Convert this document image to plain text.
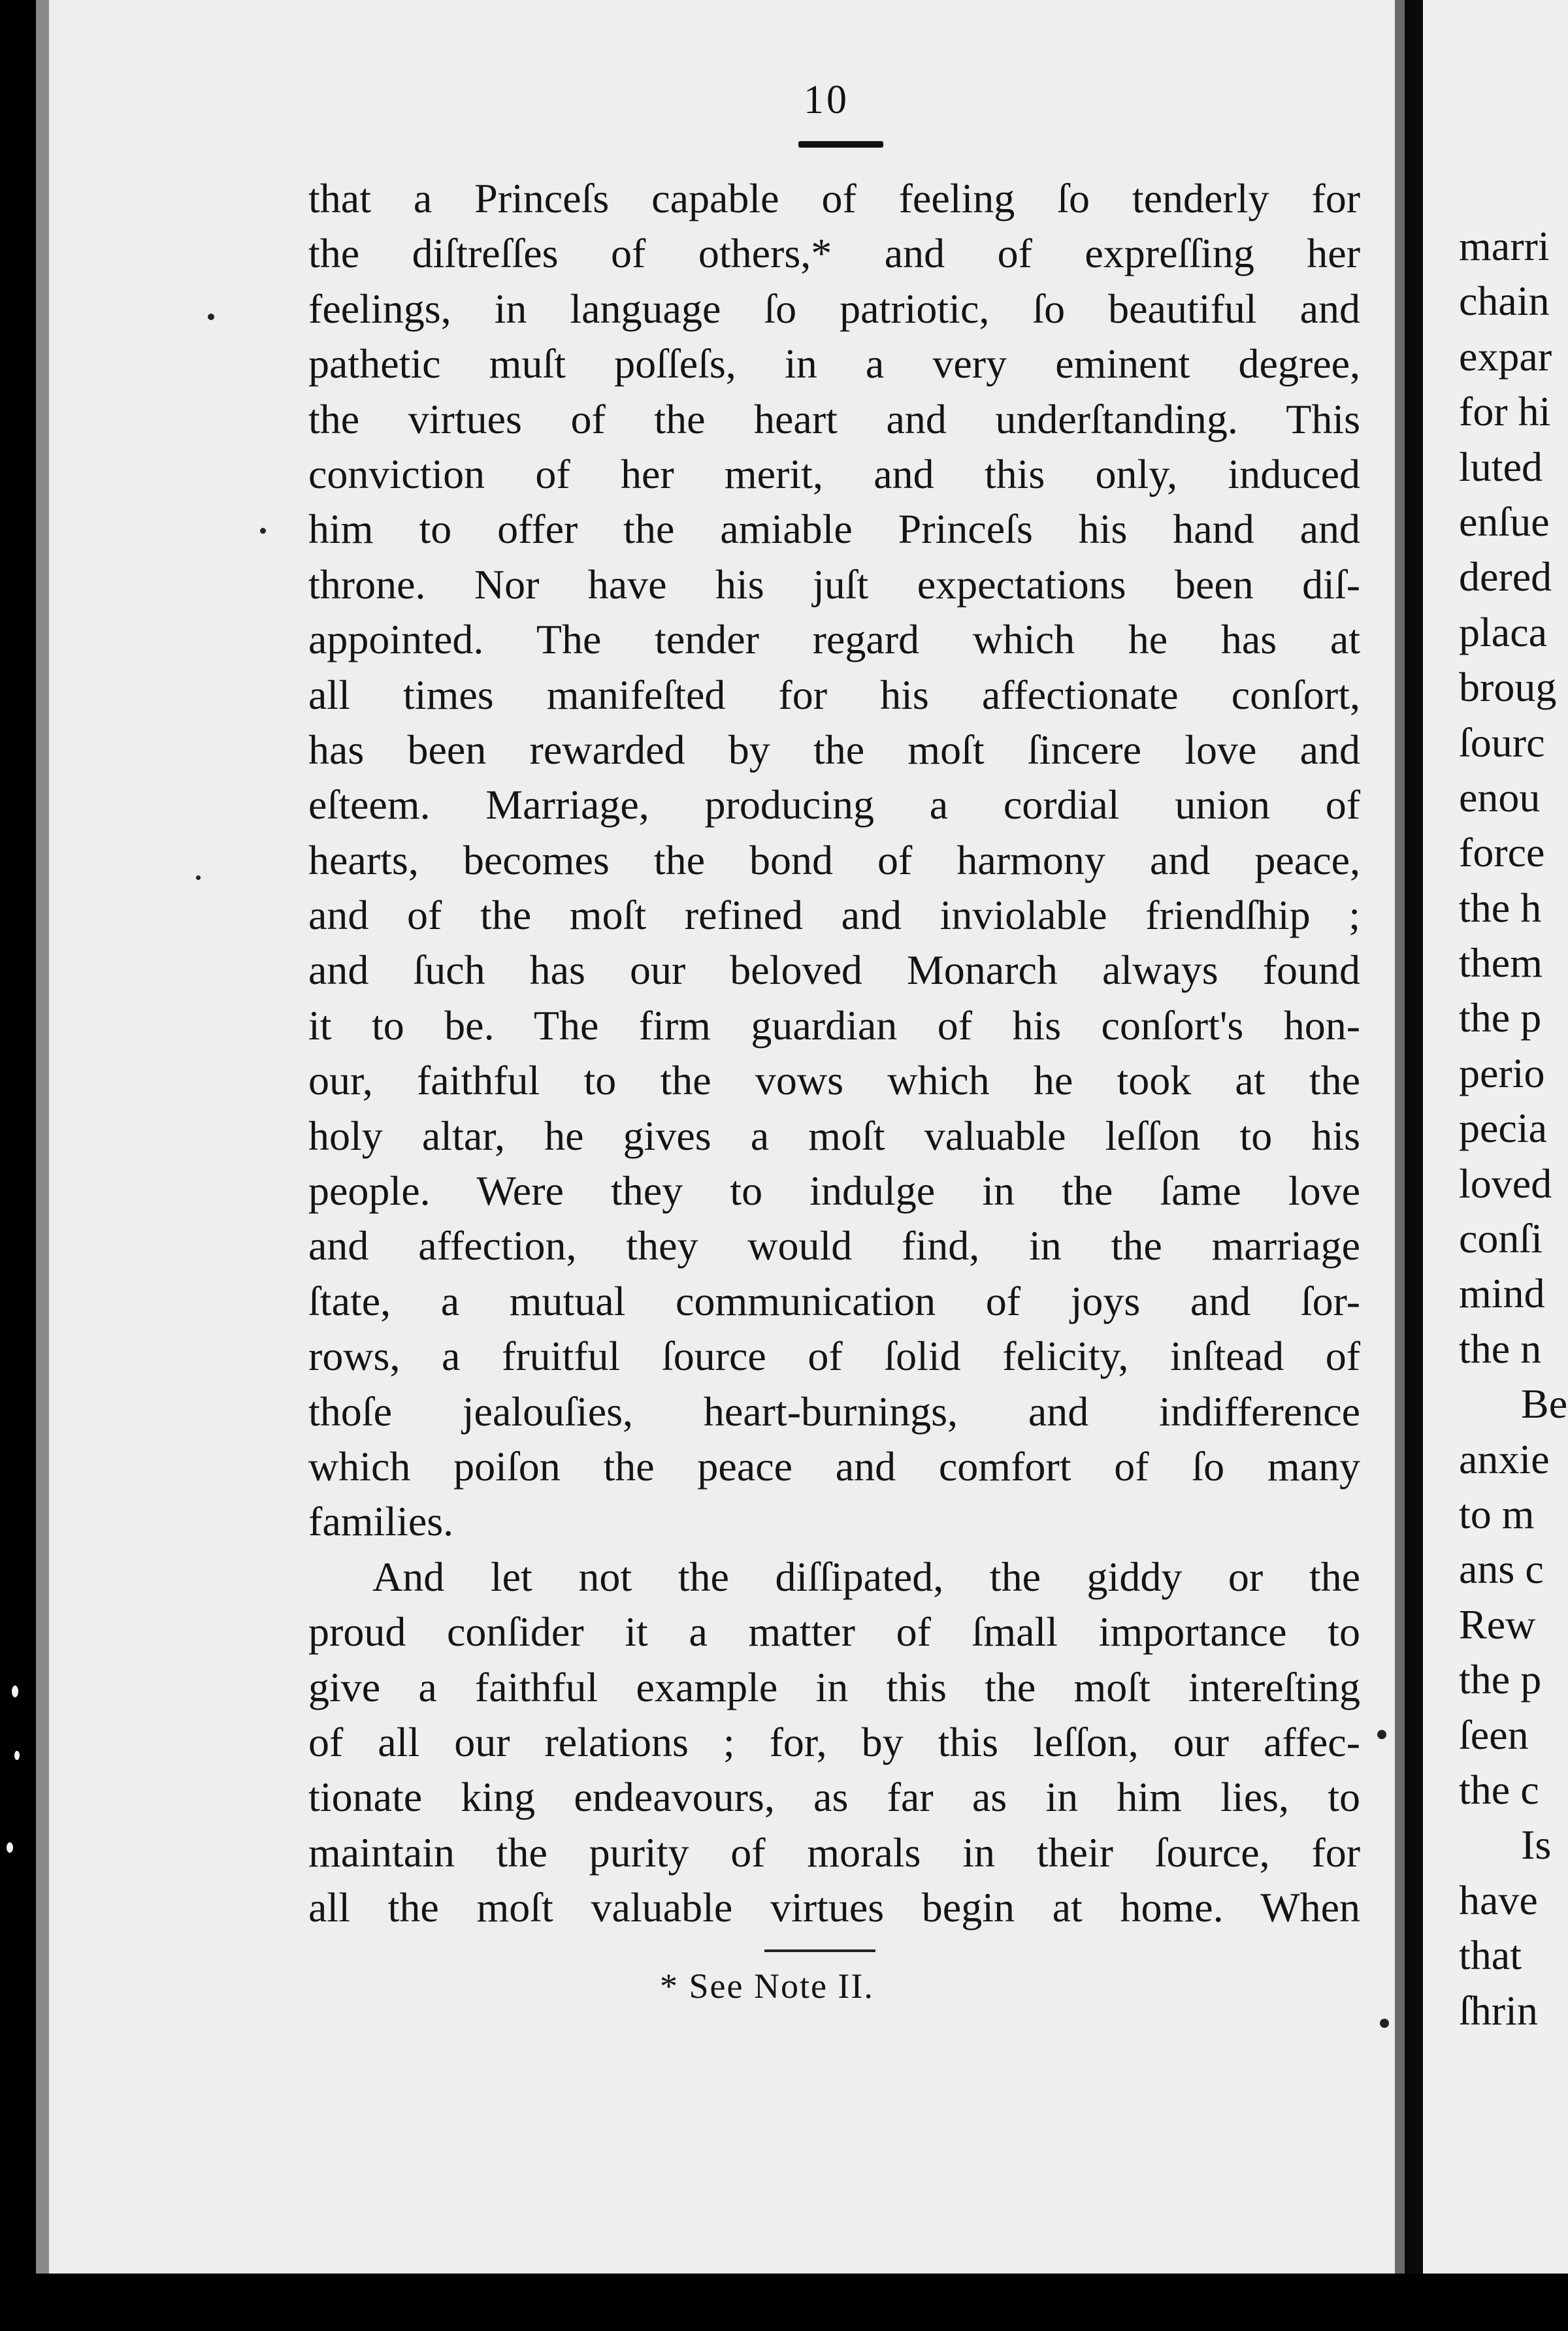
marri
chain
expar
for hi
luted
enſue
dered
placa
broug
ſourc
enou
force
the h
them
the p
perio
pecia
loved
conſi
mind
the n
Be
anxie
to m
ans c
Rew
the p
ſeen
the c
Is
have
that
ſhrin
10
that a Princeſs capable of feeling ſo tenderly for
the diſtreſſes of others,* and of expreſſing her
feelings, in language ſo patriotic, ſo beautiful and
pathetic muſt poſſeſs, in a very eminent degree,
the virtues of the heart and underſtanding. This
conviction of her merit, and this only, induced
him to offer the amiable Princeſs his hand and
throne. Nor have his juſt expectations been diſ-
appointed. The tender regard which he has at
all times manifeſted for his affectionate conſort,
has been rewarded by the moſt ſincere love and
eſteem. Marriage, producing a cordial union of
hearts, becomes the bond of harmony and peace,
and of the moſt refined and inviolable friendſhip ;
and ſuch has our beloved Monarch always found
it to be. The firm guardian of his conſort's hon-
our, faithful to the vows which he took at the
holy altar, he gives a moſt valuable leſſon to his
people. Were they to indulge in the ſame love
and affection, they would find, in the marriage
ſtate, a mutual communication of joys and ſor-
rows, a fruitful ſource of ſolid felicity, inſtead of
thoſe jealouſies, heart-burnings, and indifference
which poiſon the peace and comfort of ſo many
families.
And let not the diſſipated, the giddy or the
proud conſider it a matter of ſmall importance to
give a faithful example in this the moſt intereſting
of all our relations ; for, by this leſſon, our affec-
tionate king endeavours, as far as in him lies, to
maintain the purity of morals in their ſource, for
all the moſt valuable virtues begin at home. When
* See Note II.
